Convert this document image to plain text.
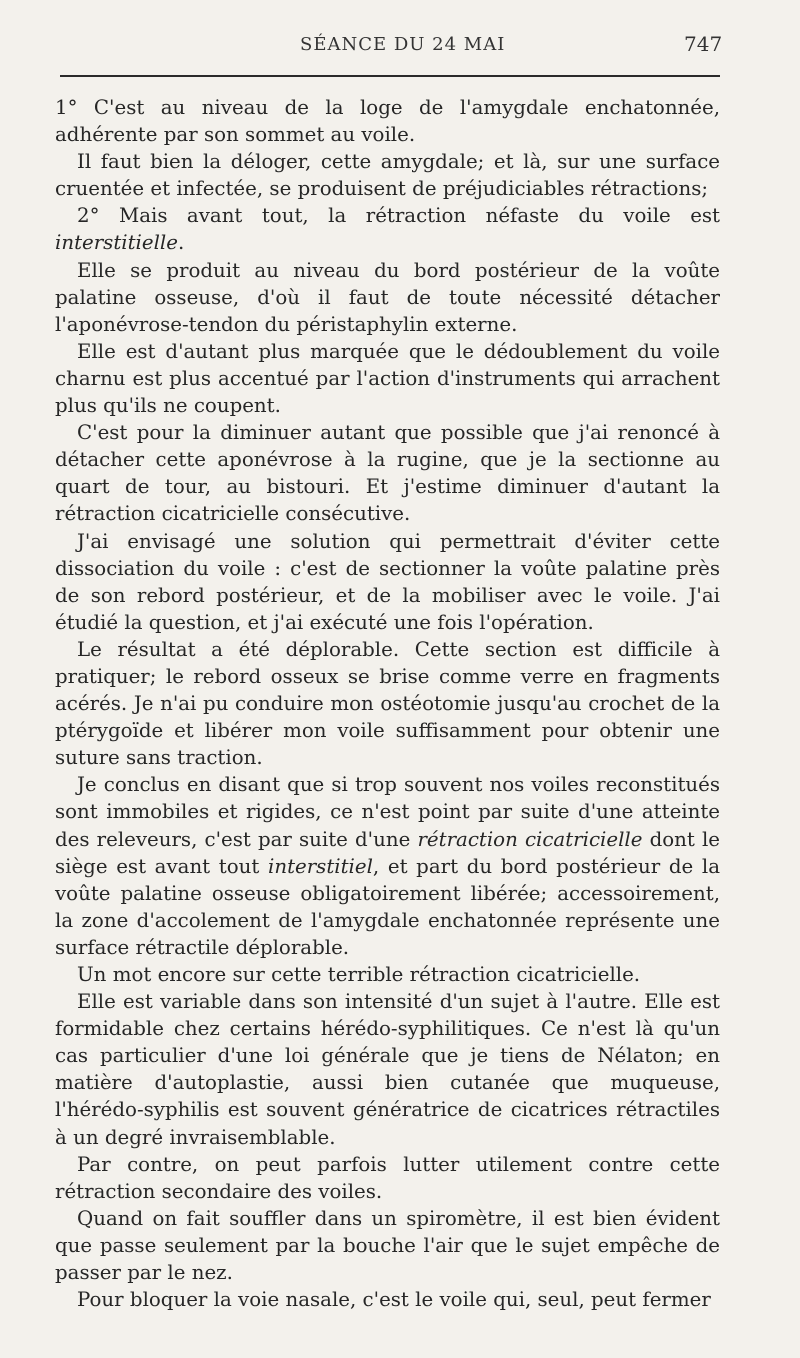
SÉANCE DU 24 MAI	747

1° C'est au niveau de la loge de l'amygdale enchatonnée, adhérente par son sommet au voile.

Il faut bien la déloger, cette amygdale; et là, sur une surface cruentée et infectée, se produisent de préjudiciables rétractions;

2° Mais avant tout, la rétraction néfaste du voile est interstitielle.

Elle se produit au niveau du bord postérieur de la voûte palatine osseuse, d'où il faut de toute nécessité détacher l'aponévrose-tendon du péristaphylin externe.

Elle est d'autant plus marquée que le dédoublement du voile charnu est plus accentué par l'action d'instruments qui arrachent plus qu'ils ne coupent.

C'est pour la diminuer autant que possible que j'ai renoncé à détacher cette aponévrose à la rugine, que je la sectionne au quart de tour, au bistouri. Et j'estime diminuer d'autant la rétraction cicatricielle consécutive.

J'ai envisagé une solution qui permettrait d'éviter cette dissociation du voile : c'est de sectionner la voûte palatine près de son rebord postérieur, et de la mobiliser avec le voile. J'ai étudié la question, et j'ai exécuté une fois l'opération.

Le résultat a été déplorable. Cette section est difficile à pratiquer; le rebord osseux se brise comme verre en fragments acérés. Je n'ai pu conduire mon ostéotomie jusqu'au crochet de la ptérygoïde et libérer mon voile suffisamment pour obtenir une suture sans traction.

Je conclus en disant que si trop souvent nos voiles reconstitués sont immobiles et rigides, ce n'est point par suite d'une atteinte des releveurs, c'est par suite d'une rétraction cicatricielle dont le siège est avant tout interstitiel, et part du bord postérieur de la voûte palatine osseuse obligatoirement libérée; accessoirement, la zone d'accolement de l'amygdale enchatonnée représente une surface rétractile déplorable.

Un mot encore sur cette terrible rétraction cicatricielle.

Elle est variable dans son intensité d'un sujet à l'autre. Elle est formidable chez certains hérédo-syphilitiques. Ce n'est là qu'un cas particulier d'une loi générale que je tiens de Nélaton; en matière d'autoplastie, aussi bien cutanée que muqueuse, l'hérédo-syphilis est souvent génératrice de cicatrices rétractiles à un degré invraisemblable.

Par contre, on peut parfois lutter utilement contre cette rétraction secondaire des voiles.

Quand on fait souffler dans un spiromètre, il est bien évident que passe seulement par la bouche l'air que le sujet empêche de passer par le nez.

Pour bloquer la voie nasale, c'est le voile qui, seul, peut fermer
